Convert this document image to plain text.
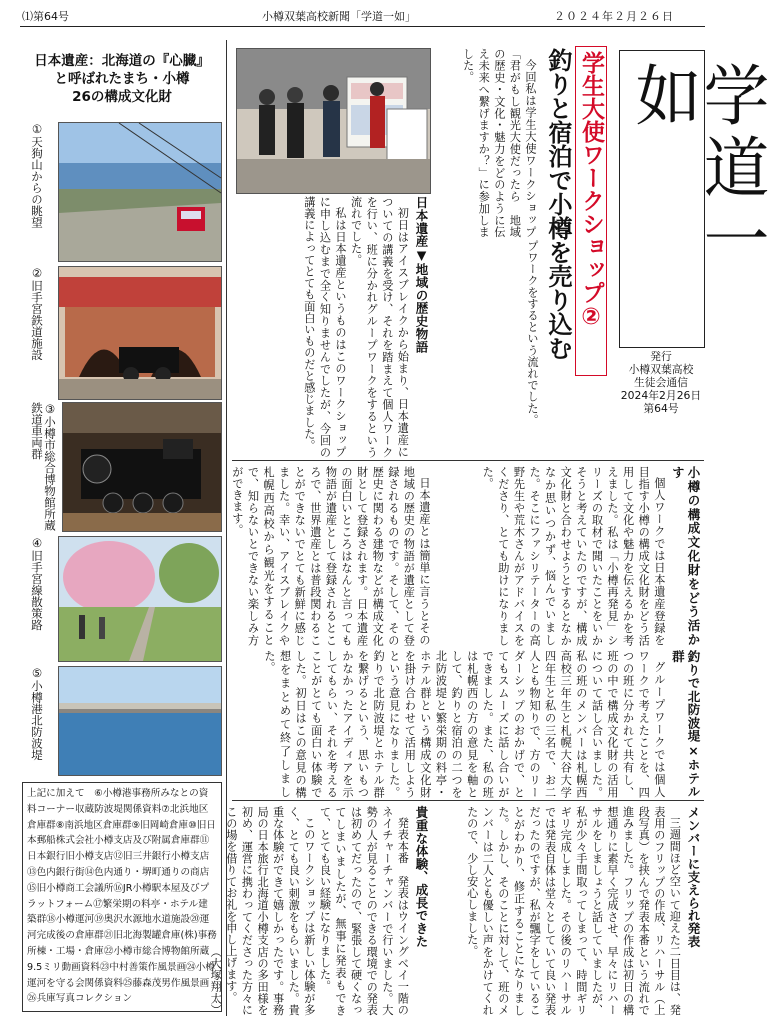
⑴第64号	小樽双葉高校新聞「学道一如」	２０２４年２月２６日
学道一如
発行
小樽双葉高校
生徒会通信
2024年2月26日
第64号
学生大使ワークショップ②
釣りと宿泊で小樽を売り込む

今回私は学生大使ワークショップ「君がもし観光大使だったら　地域の歴史・文化・魅力をどのように伝え未来へ繋げますか？」に参加しました。

日本遺産▼地域の歴史物語

初日はアイスブレイクから始まり、日本遺産についての講義を受け、それを踏まえて個人ワークを行い、班に分かれグループワークをするという流れでした。

私は日本遺産というものはこのワークショップに申し込むまで全く知りませんでしたが、今回の講義によってとても面白いものだと感じました。	プワークをするという流れでした。

日本遺産とは簡単に言うとその地域の歴史の物語が遺産として登録されるものです。そして、その歴史に関わる建物などが構成文化財として登録されます。日本遺産の面白いところはなんと言っても物語が遺産として登録されるところで、世界遺産とは普段関わることができないでとても新鮮に感じました。幸い、アイスブレイクや札幌西高校から観光をすることで、知らないとできない楽しみ方ができます。	小樽の構成文化財をどう活かす

個人ワークでは日本遺産登録を目指す小樽の構成文化財をどう活用して文化や魅力を伝えるかを考えました。私は「小樽再発見」シリーズの取材で聞いたことをいかそうと考えていたのですが、構成文化財と合わせようとするとなかなか思いつかず、悩んでいました。そこにファシリテーターの高野先生や荒木さんがアドバイスをくださり、とても助けになりました。

釣りで北防波堤×ホテル群

グループワークでは個人ワークで考えたことを、四つの班に分かれて共有し、班の中で構成文化財の活用について話し合いました。私の班のメンバーは札幌西高校三年生と札幌大谷大学四年生と私の三名で、お二人とも物知りで、方のリーダーシップのおかげで、とてもスムーズに話し合いができました。また、私の班は札幌西の方の意見を軸として、釣りと宿泊の二つを北防波堤と繁栄期の料亭・ホテル群という構成文化財を掛け合わせて活用しようという意見になりました。釣りで北防波堤とホテル群を繋げるという、思いもつかなかったアイディアを示してもらい、それを考えることがとても面白い体験でした。初日はこの意見の構想をまとめて終了しました。

メンバーに支えられ発表

三週間ほど空いて迎えた二日目は、発表用のフリップの作成、リハーサル（上段写真）を挟んで発表本番という流れで進みました。フリップの作成は初日の構想通りに素早く完成させ、早々にリハーサルをしましょうと話していましたが、私が少々手間取ってしまって、時間ギリギリ完成しました。その後のリハーサルでは発表自体は堂々としていて良い発表だったのですが、私が飄字をしていることがわかり、修正することになりました。しかし、そのことに対して、班のメンバーは二人とも優しい声をかけてくれたので、少し安心しました。

貴重な体験、成長できた

発表本番　発表はウイングベイ一階のネイチャーチャンバーで行いました。大勢の人が見ることのできる環境での発表は初めてだったので、緊張して硬くなってしまいましたが、無事に発表もできて、とても良い経験になりました。

このワークショップは新しい体験が多く、とても良い刺激をもらいました。貴重な体験ができて嬉しかったです。事務局の日本旅行北海道小樽支店の多田様を初め、運営に携わってくださった方々にこの場を借りてお礼を申し上げます。

（大塚翔太）
日本遺産：北海道の『心臓』
と呼ばれたまち・小樽
26の構成文化財
①天狗山からの眺望
②旧手宮鉄道施設
③小樽市総合博物館所蔵鉄道車両群
④旧手宮線散策路
⑤小樽港北防波堤
上記に加えて　⑥小樽港事務所みなとの資料コーナー収蔵防波堤関係資料⑦北浜地区倉庫群⑧南浜地区倉庫群⑨旧岡崎倉庫⑩旧日本郵船株式会社小樽支店及び附属倉庫群⑪日本銀行旧小樽支店⑫旧三井銀行小樽支店⑬色内銀行街⑭色内通り・堺町通りの商店⑮旧小樽商工会議所⑯JR小樽駅本屋及びプラットフォーム⑰繁栄期の料亭・ホテル建築群⑱小樽運河⑲奥沢水源地水道施設⑳運河完成後の倉庫群㉑旧北海製罐倉庫(株)事務所棟・工場・倉庫㉒小樽市総合博物館所蔵9.5ミリ動画資料㉓中村善策作風景画㉔小樽運河を守る会関係資料㉕藤森茂男作風景画㉖兵庫写真コレクション
